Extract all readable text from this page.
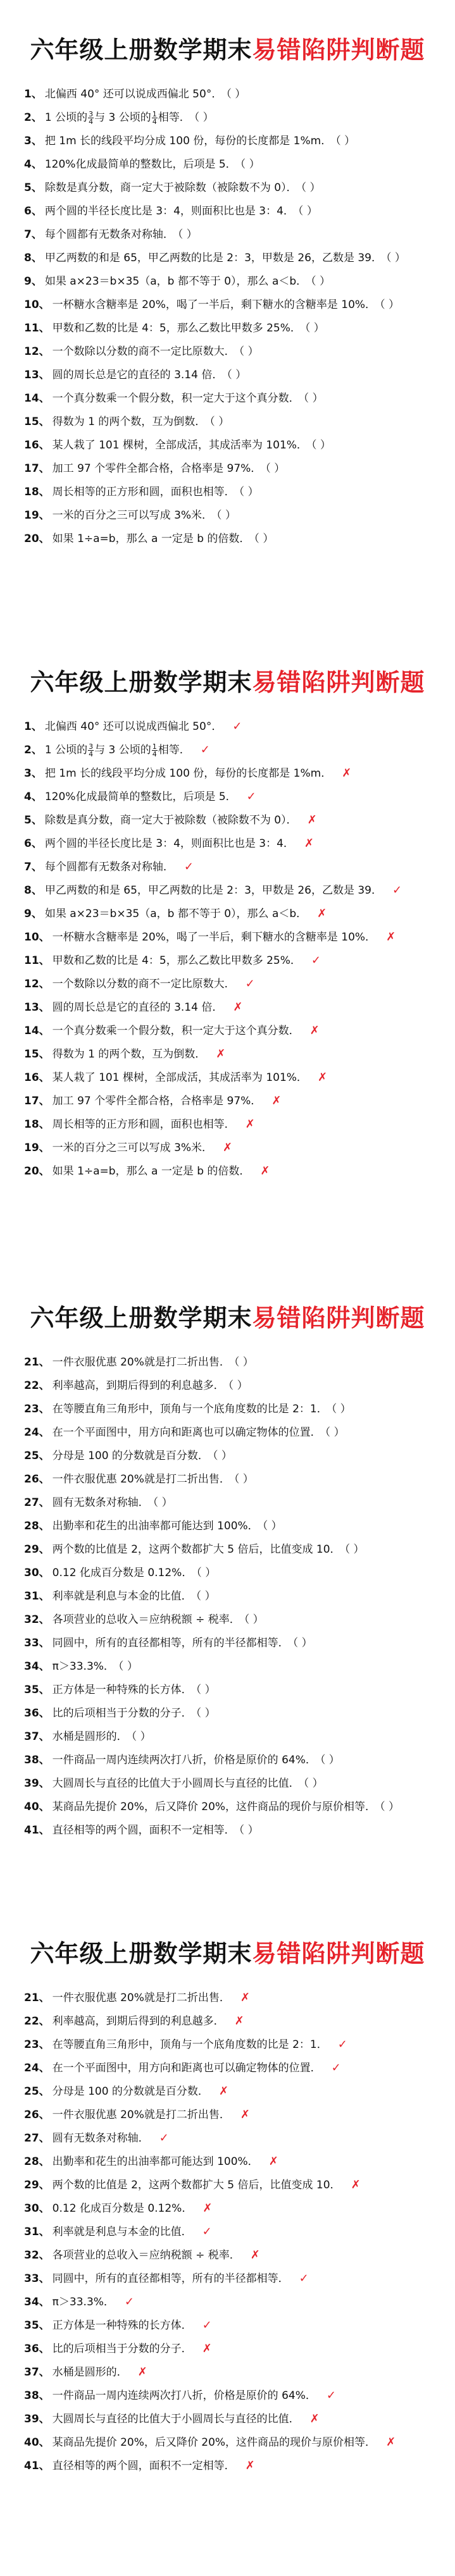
六年级上册数学期末易错陷阱判断题
1、 北偏西 40° 还可以说成西偏北 50°． （ ）
2、 1 公顷的 $\frac{3}{4}$ 与 3 公顷的 $\frac{1}{4}$ 相等． （ ）
3、 把 1m 长的线段平均分成 100 份，每份的长度都是 1%m． （ ）
4、 120%化成最简单的整数比，后项是 5． （ ）
5、 除数是真分数，商一定大于被除数（被除数不为 0）． （ ）
6、 两个圆的半径长度比是 3：4，则面积比也是 3：4． （ ）
7、 每个圆都有无数条对称轴． （ ）
8、 甲乙两数的和是 65，甲乙两数的比是 2：3，甲数是 26，乙数是 39． （ ）
9、 如果 a×23＝b×35（a，b 都不等于 0），那么 a＜b． （ ）
10、 一杯糖水含糖率是 20%，喝了一半后，剩下糖水的含糖率是 10%． （ ）
11、 甲数和乙数的比是 4：5，那么乙数比甲数多 25%． （ ）
12、 一个数除以分数的商不一定比原数大． （ ）
13、 圆的周长总是它的直径的 3.14 倍． （ ）
14、 一个真分数乘一个假分数，积一定大于这个真分数． （ ）
15、 得数为 1 的两个数，互为倒数． （ ）
16、 某人栽了 101 棵树，全部成活，其成活率为 101%． （ ）
17、 加工 97 个零件全都合格，合格率是 97%． （ ）
18、 周长相等的正方形和圆，面积也相等． （ ）
19、 一米的百分之三可以写成 3%米． （ ）
20、 如果 1÷a=b，那么 a 一定是 b 的倍数． （ ）
六年级上册数学期末易错陷阱判断题
1、 北偏西 40° 还可以说成西偏北 50°． ✓
2、 1 公顷的 $\frac{3}{4}$ 与 3 公顷的 $\frac{1}{4}$ 相等． ✓
3、 把 1m 长的线段平均分成 100 份，每份的长度都是 1%m． ✗
4、 120%化成最简单的整数比，后项是 5． ✓
5、 除数是真分数，商一定大于被除数（被除数不为 0）． ✗
6、 两个圆的半径长度比是 3：4，则面积比也是 3：4． ✗
7、 每个圆都有无数条对称轴． ✓
8、 甲乙两数的和是 65，甲乙两数的比是 2：3，甲数是 26，乙数是 39． ✓
9、 如果 a×23＝b×35（a，b 都不等于 0），那么 a＜b． ✗
10、 一杯糖水含糖率是 20%，喝了一半后，剩下糖水的含糖率是 10%． ✗
11、 甲数和乙数的比是 4：5，那么乙数比甲数多 25%． ✓
12、 一个数除以分数的商不一定比原数大． ✓
13、 圆的周长总是它的直径的 3.14 倍． ✗
14、 一个真分数乘一个假分数，积一定大于这个真分数． ✗
15、 得数为 1 的两个数，互为倒数． ✗
16、 某人栽了 101 棵树，全部成活，其成活率为 101%． ✗
17、 加工 97 个零件全都合格，合格率是 97%． ✗
18、 周长相等的正方形和圆，面积也相等． ✗
19、 一米的百分之三可以写成 3%米． ✗
20、 如果 1÷a=b，那么 a 一定是 b 的倍数． ✗
六年级上册数学期末易错陷阱判断题
21、 一件衣服优惠 20%就是打二折出售． （ ）
22、 利率越高，到期后得到的利息越多． （ ）
23、 在等腰直角三角形中，顶角与一个底角度数的比是 2：1． （ ）
24、 在一个平面图中，用方向和距离也可以确定物体的位置． （ ）
25、 分母是 100 的分数就是百分数． （ ）
26、 一件衣服优惠 20%就是打二折出售． （ ）
27、 圆有无数条对称轴． （ ）
28、 出勤率和花生的出油率都可能达到 100%． （ ）
29、 两个数的比值是 2，这两个数都扩大 5 倍后，比值变成 10． （ ）
30、 0.12 化成百分数是 0.12%． （ ）
31、 利率就是利息与本金的比值． （ ）
32、 各项营业的总收入＝应纳税额 ÷ 税率． （ ）
33、 同圆中，所有的直径都相等，所有的半径都相等． （ ）
34、 π＞33.3%． （ ）
35、 正方体是一种特殊的长方体． （ ）
36、 比的后项相当于分数的分子． （ ）
37、 水桶是圆形的． （ ）
38、 一件商品一周内连续两次打八折，价格是原价的 64%． （ ）
39、 大圆周长与直径的比值大于小圆周长与直径的比值． （ ）
40、 某商品先提价 20%，后又降价 20%，这件商品的现价与原价相等． （ ）
41、 直径相等的两个圆，面积不一定相等． （ ）
六年级上册数学期末易错陷阱判断题
21、 一件衣服优惠 20%就是打二折出售． ✗
22、 利率越高，到期后得到的利息越多． ✗
23、 在等腰直角三角形中，顶角与一个底角度数的比是 2：1． ✓
24、 在一个平面图中，用方向和距离也可以确定物体的位置． ✓
25、 分母是 100 的分数就是百分数． ✗
26、 一件衣服优惠 20%就是打二折出售． ✗
27、 圆有无数条对称轴． ✓
28、 出勤率和花生的出油率都可能达到 100%． ✗
29、 两个数的比值是 2，这两个数都扩大 5 倍后，比值变成 10． ✗
30、 0.12 化成百分数是 0.12%． ✗
31、 利率就是利息与本金的比值． ✓
32、 各项营业的总收入＝应纳税额 ÷ 税率． ✗
33、 同圆中，所有的直径都相等，所有的半径都相等． ✓
34、 π＞33.3%． ✓
35、 正方体是一种特殊的长方体． ✓
36、 比的后项相当于分数的分子． ✗
37、 水桶是圆形的． ✗
38、 一件商品一周内连续两次打八折，价格是原价的 64%． ✓
39、 大圆周长与直径的比值大于小圆周长与直径的比值． ✗
40、 某商品先提价 20%，后又降价 20%，这件商品的现价与原价相等． ✗
41、 直径相等的两个圆，面积不一定相等． ✗
